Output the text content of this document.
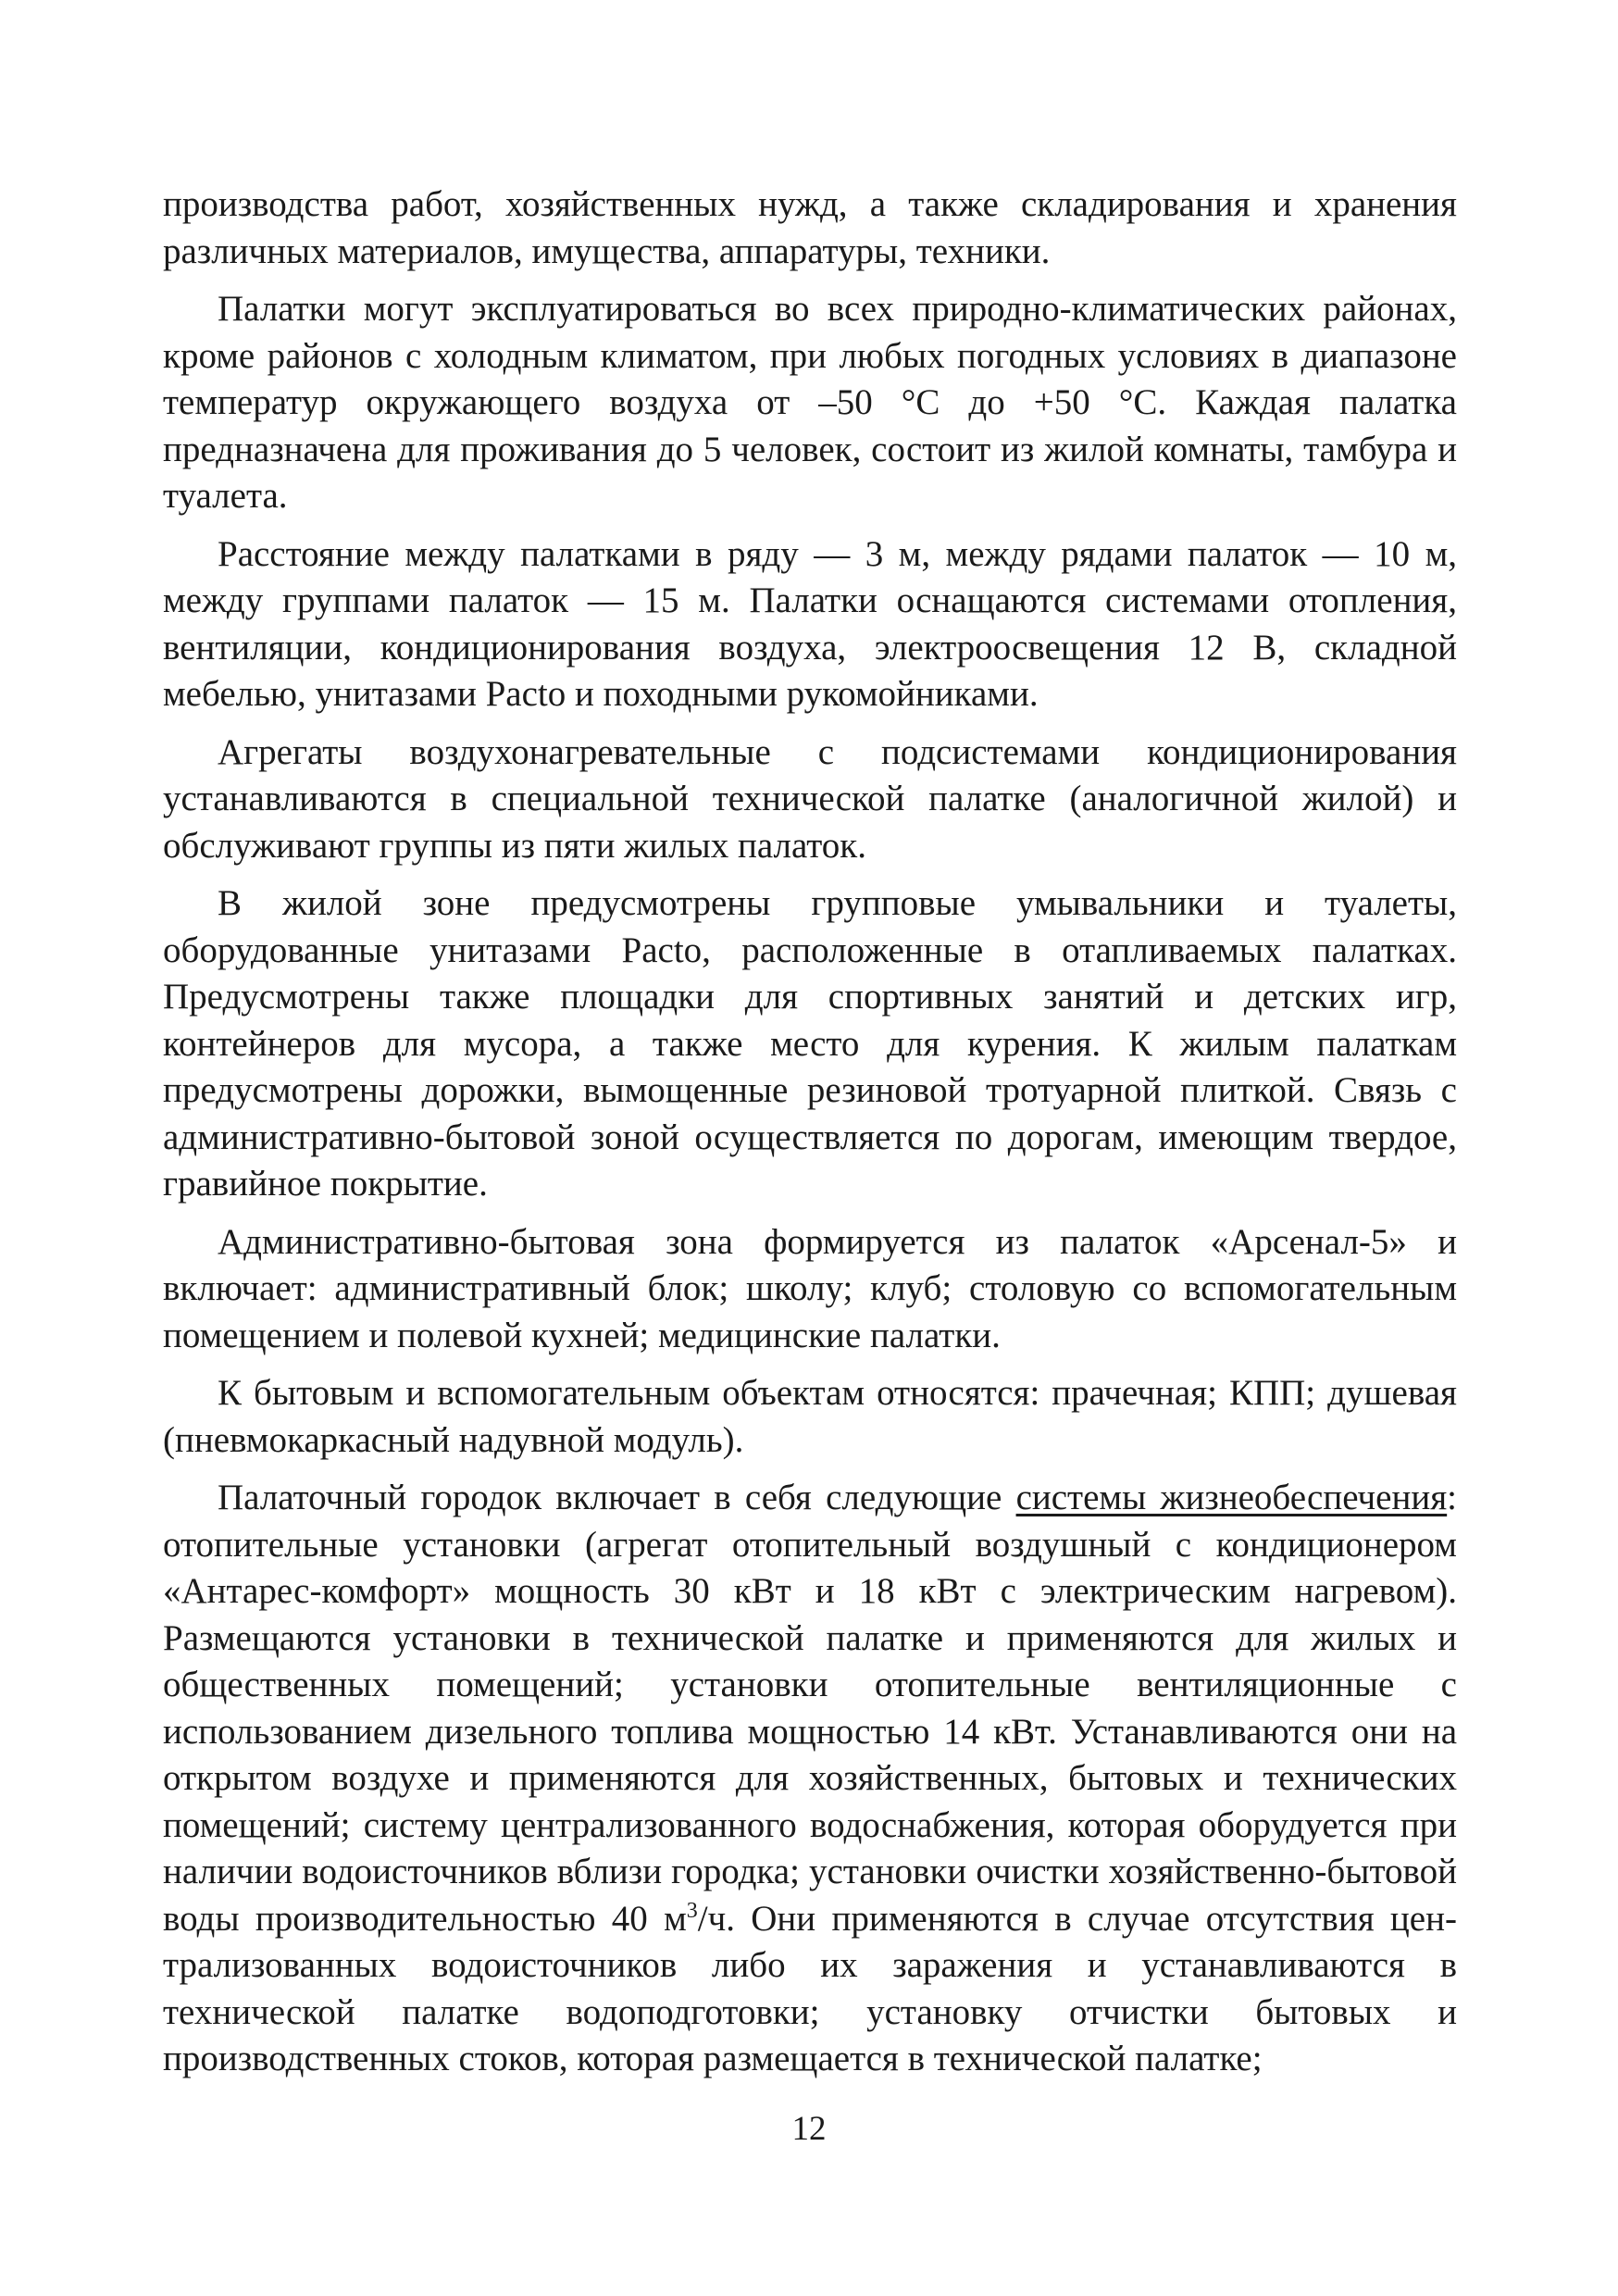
производства работ, хозяйственных нужд, а также складирования и хранения различных материалов, имущества, аппаратуры, техники.

Палатки могут эксплуатироваться во всех природно-климатических районах, кроме районов с холодным климатом, при любых погодных условиях в диапазоне температур окружающего воздуха от –50 °С до +50 °С. Каждая палатка предназначена для проживания до 5 человек, состоит из жилой комнаты, тамбура и туалета.

Расстояние между палатками в ряду — 3 м, между рядами палаток — 10 м, между группами палаток — 15 м. Палатки оснащаются системами отопления, вентиляции, кондиционирования воздуха, электроосвещения 12 В, складной мебелью, унитазами Pacto и походными рукомойниками.

Агрегаты воздухонагревательные с подсистемами кондиционирования устанавливаются в специальной технической палатке (аналогичной жилой) и обслуживают группы из пяти жилых палаток.

В жилой зоне предусмотрены групповые умывальники и туалеты, оборудованные унитазами Pacto, расположенные в отапливаемых палатках. Предусмотрены также площадки для спортивных занятий и детских игр, контейнеров для мусора, а также место для курения. К жилым палаткам предусмотрены дорожки, вымощенные резиновой тротуарной плиткой. Связь с административно-бытовой зоной осуществляется по дорогам, имеющим твердое, гравийное покрытие.

Административно-бытовая зона формируется из палаток «Арсенал-5» и включает: административный блок; школу; клуб; столовую со вспомогательным помещением и полевой кухней; медицинские палатки.

К бытовым и вспомогательным объектам относятся: прачечная; КПП; душевая (пневмокаркасный надувной модуль).

Палаточный городок включает в себя следующие системы жизнеобеспечения: отопительные установки (агрегат отопительный воздушный с кондиционером «Антарес-комфорт» мощность 30 кВт и 18 кВт с электрическим нагревом). Размещаются установки в технической палатке и применяются для жилых и общественных помещений; установки отопительные вентиляционные с использованием дизельного топлива мощностью 14 кВт. Устанавливаются они на открытом воздухе и применяются для хозяйственных, бытовых и технических помещений; систему централизованного водоснабжения, которая оборудуется при наличии водоисточников вблизи городка; установки очистки хозяйственно-бытовой воды производительностью 40 $м^3/ч$. Они применяются в случае отсутствия централизованных водоисточников либо их заражения и устанавливаются в технической палатке водоподготовки; установку отчистки бытовых и производственных стоков, которая размещается в технической палатке;

12
